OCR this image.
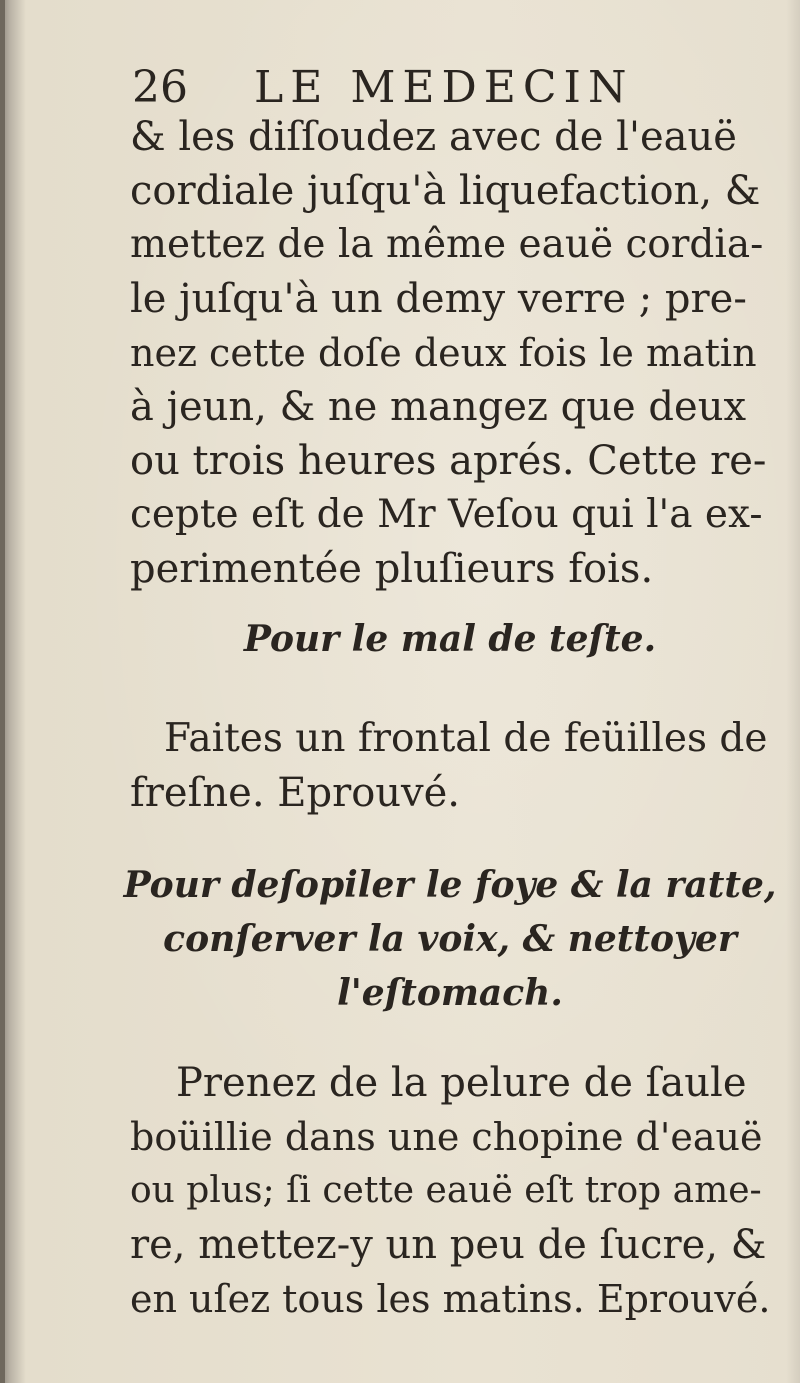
26 LE MEDECIN
& les diſſoudez avec de l'eauë
cordiale juſqu'à liquefaction, &
mettez de la même eauë cordia-
le juſqu'à un demy verre ; pre-
nez cette doſe deux fois le matin
à jeun, & ne mangez que deux
ou trois heures aprés. Cette re-
cepte eſt de Mr Veſou qui l'a ex-
perimentée pluſieurs fois.
Pour le mal de teſte.
Faites un frontal de feüilles de
freſne. Eprouvé.
Pour deſopiler le foye & la ratte,
conſerver la voix, & nettoyer
l'eſtomach.
Prenez de la pelure de ſaule
boüillie dans une chopine d'eauë
ou plus; ſi cette eauë eſt trop ame-
re, mettez-y un peu de ſucre, &
en uſez tous les matins. Eprouvé.
